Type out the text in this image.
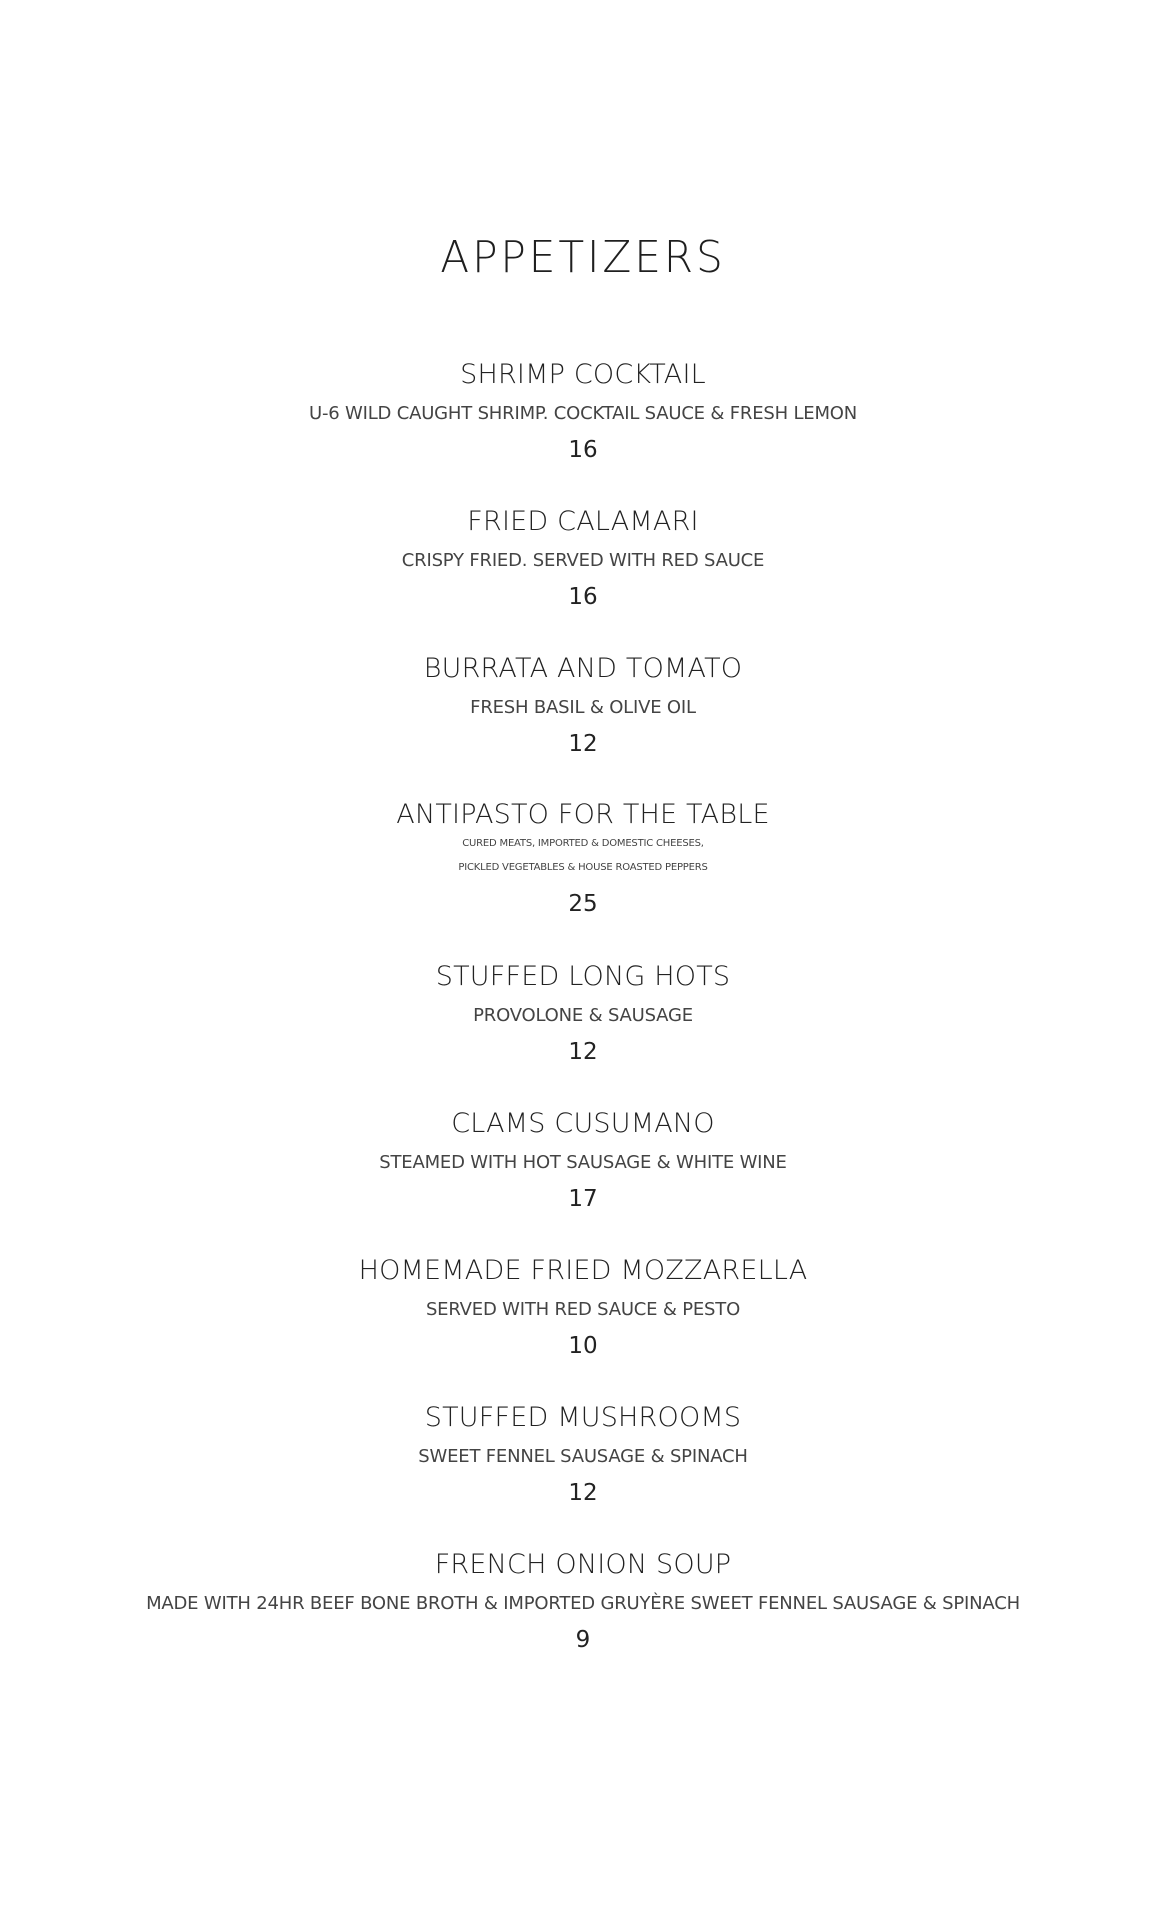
APPETIZERS
SHRIMP COCKTAIL
U-6 WILD CAUGHT SHRIMP. COCKTAIL SAUCE & FRESH LEMON
16
FRIED CALAMARI
CRISPY FRIED. SERVED WITH RED SAUCE
16
BURRATA AND TOMATO
FRESH BASIL & OLIVE OIL
12
ANTIPASTO FOR THE TABLE
CURED MEATS, IMPORTED & DOMESTIC CHEESES,
PICKLED VEGETABLES & HOUSE ROASTED PEPPERS
25
STUFFED LONG HOTS
PROVOLONE & SAUSAGE
12
CLAMS CUSUMANO
STEAMED WITH HOT SAUSAGE & WHITE WINE
17
HOMEMADE FRIED MOZZARELLA
SERVED WITH RED SAUCE & PESTO
10
STUFFED MUSHROOMS
SWEET FENNEL SAUSAGE & SPINACH
12
FRENCH ONION SOUP
MADE WITH 24HR BEEF BONE BROTH & IMPORTED GRUYÈRE SWEET FENNEL SAUSAGE & SPINACH
9
